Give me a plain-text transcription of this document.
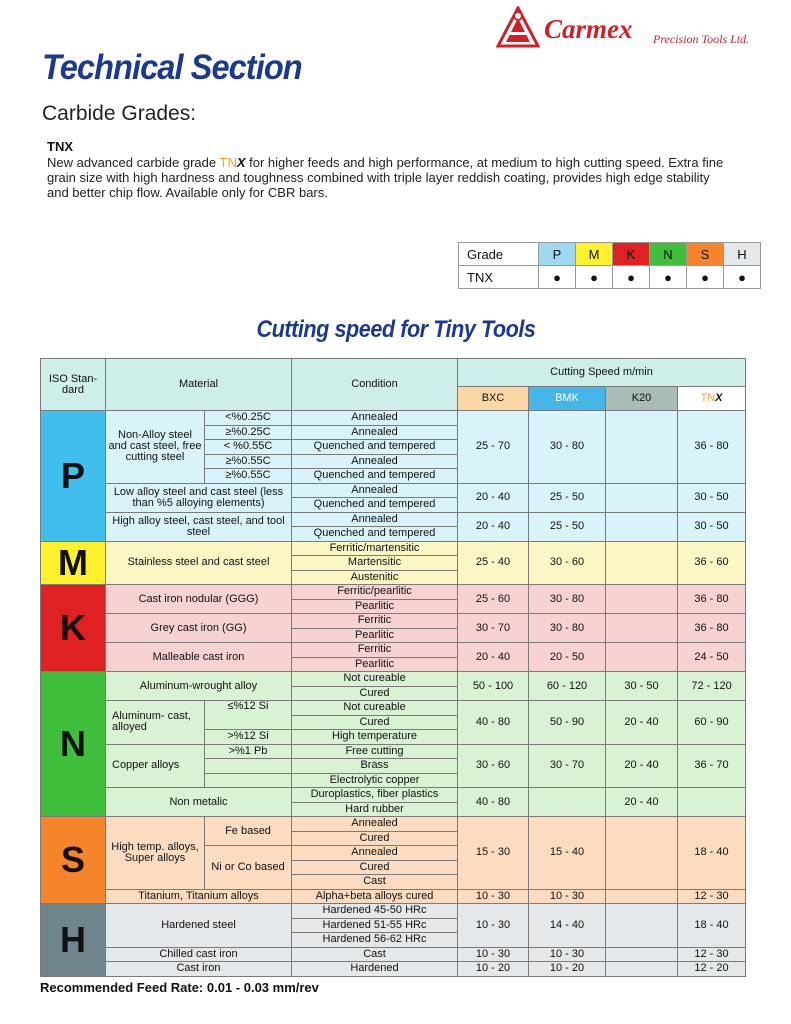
Carmex Precision Tools Ltd.
Technical Section
Carbide Grades:
TNX
New advanced carbide grade TNX for higher feeds and high performance, at medium to high cutting speed. Extra fine grain size with high hardness and toughness combined with triple layer reddish coating, provides high edge stability and better chip flow. Available only for CBR bars.
Grade	P	M	K	N	S	H
TNX	●	●	●	●	●	●
Cutting speed for Tiny Tools
ISO Stan-dard	Material		Condition	Cutting Speed m/min			
				BXC	BMK	K20	TNX
P	Non-Alloy steel and cast steel, free cutting steel	<%0.25C	Annealed	25 - 70	30 - 80		36 - 80
		≥%0.25C	Annealed				
		< %0.55C	Quenched and tempered				
		≥%0.55C	Annealed				
		≥%0.55C	Quenched and tempered				
	Low alloy steel and cast steel (less than %5 alloying elements)		Annealed	20 - 40	25 - 50		30 - 50
			Quenched and tempered				
	High alloy steel, cast steel, and tool steel		Annealed	20 - 40	25 - 50		30 - 50
			Quenched and tempered				
M	Stainless steel and cast steel		Ferritic/martensitic	25 - 40	30 - 60		36 - 60
			Martensitic				
			Austenitic				
K	Cast iron nodular (GGG)		Ferritic/pearlitic	25 - 60	30 - 80		36 - 80
			Pearlitic				
	Grey cast iron (GG)		Ferritic	30 - 70	30 - 80		36 - 80
			Pearlitic				
	Malleable cast iron		Ferritic	20 - 40	20 - 50		24 - 50
			Pearlitic				
N	Aluminum-wrought alloy		Not cureable	50 - 100	60 - 120	30 - 50	72 - 120
			Cured				
	Aluminum- cast, alloyed	≤%12 Si	Not cureable	40 - 80	50 - 90	20 - 40	60 - 90
			Cured				
		>%12 Si	High temperature				
	Copper alloys	>%1 Pb	Free cutting	30 - 60	30 - 70	20 - 40	36 - 70
			Brass				
			Electrolytic copper				
	Non metalic		Duroplastics, fiber plastics	40 - 80		20 - 40	
			Hard rubber				
S	High temp. alloys, Super alloys	Fe based	Annealed	15 - 30	15 - 40		18 - 40
			Cured				
		Ni or Co based	Annealed				
			Cured				
			Cast				
	Titanium, Titanium alloys		Alpha+beta alloys cured	10 - 30	10 - 30		12 - 30
H	Hardened steel		Hardened 45-50 HRc	10 - 30	14 - 40		18 - 40
			Hardened 51-55 HRc				
			Hardened 56-62 HRc				
	Chilled cast iron		Cast	10 - 30	10 - 30		12 - 30
	Cast iron		Hardened	10 - 20	10 - 20		12 - 20
Recommended Feed Rate: 0.01 - 0.03 mm/rev
